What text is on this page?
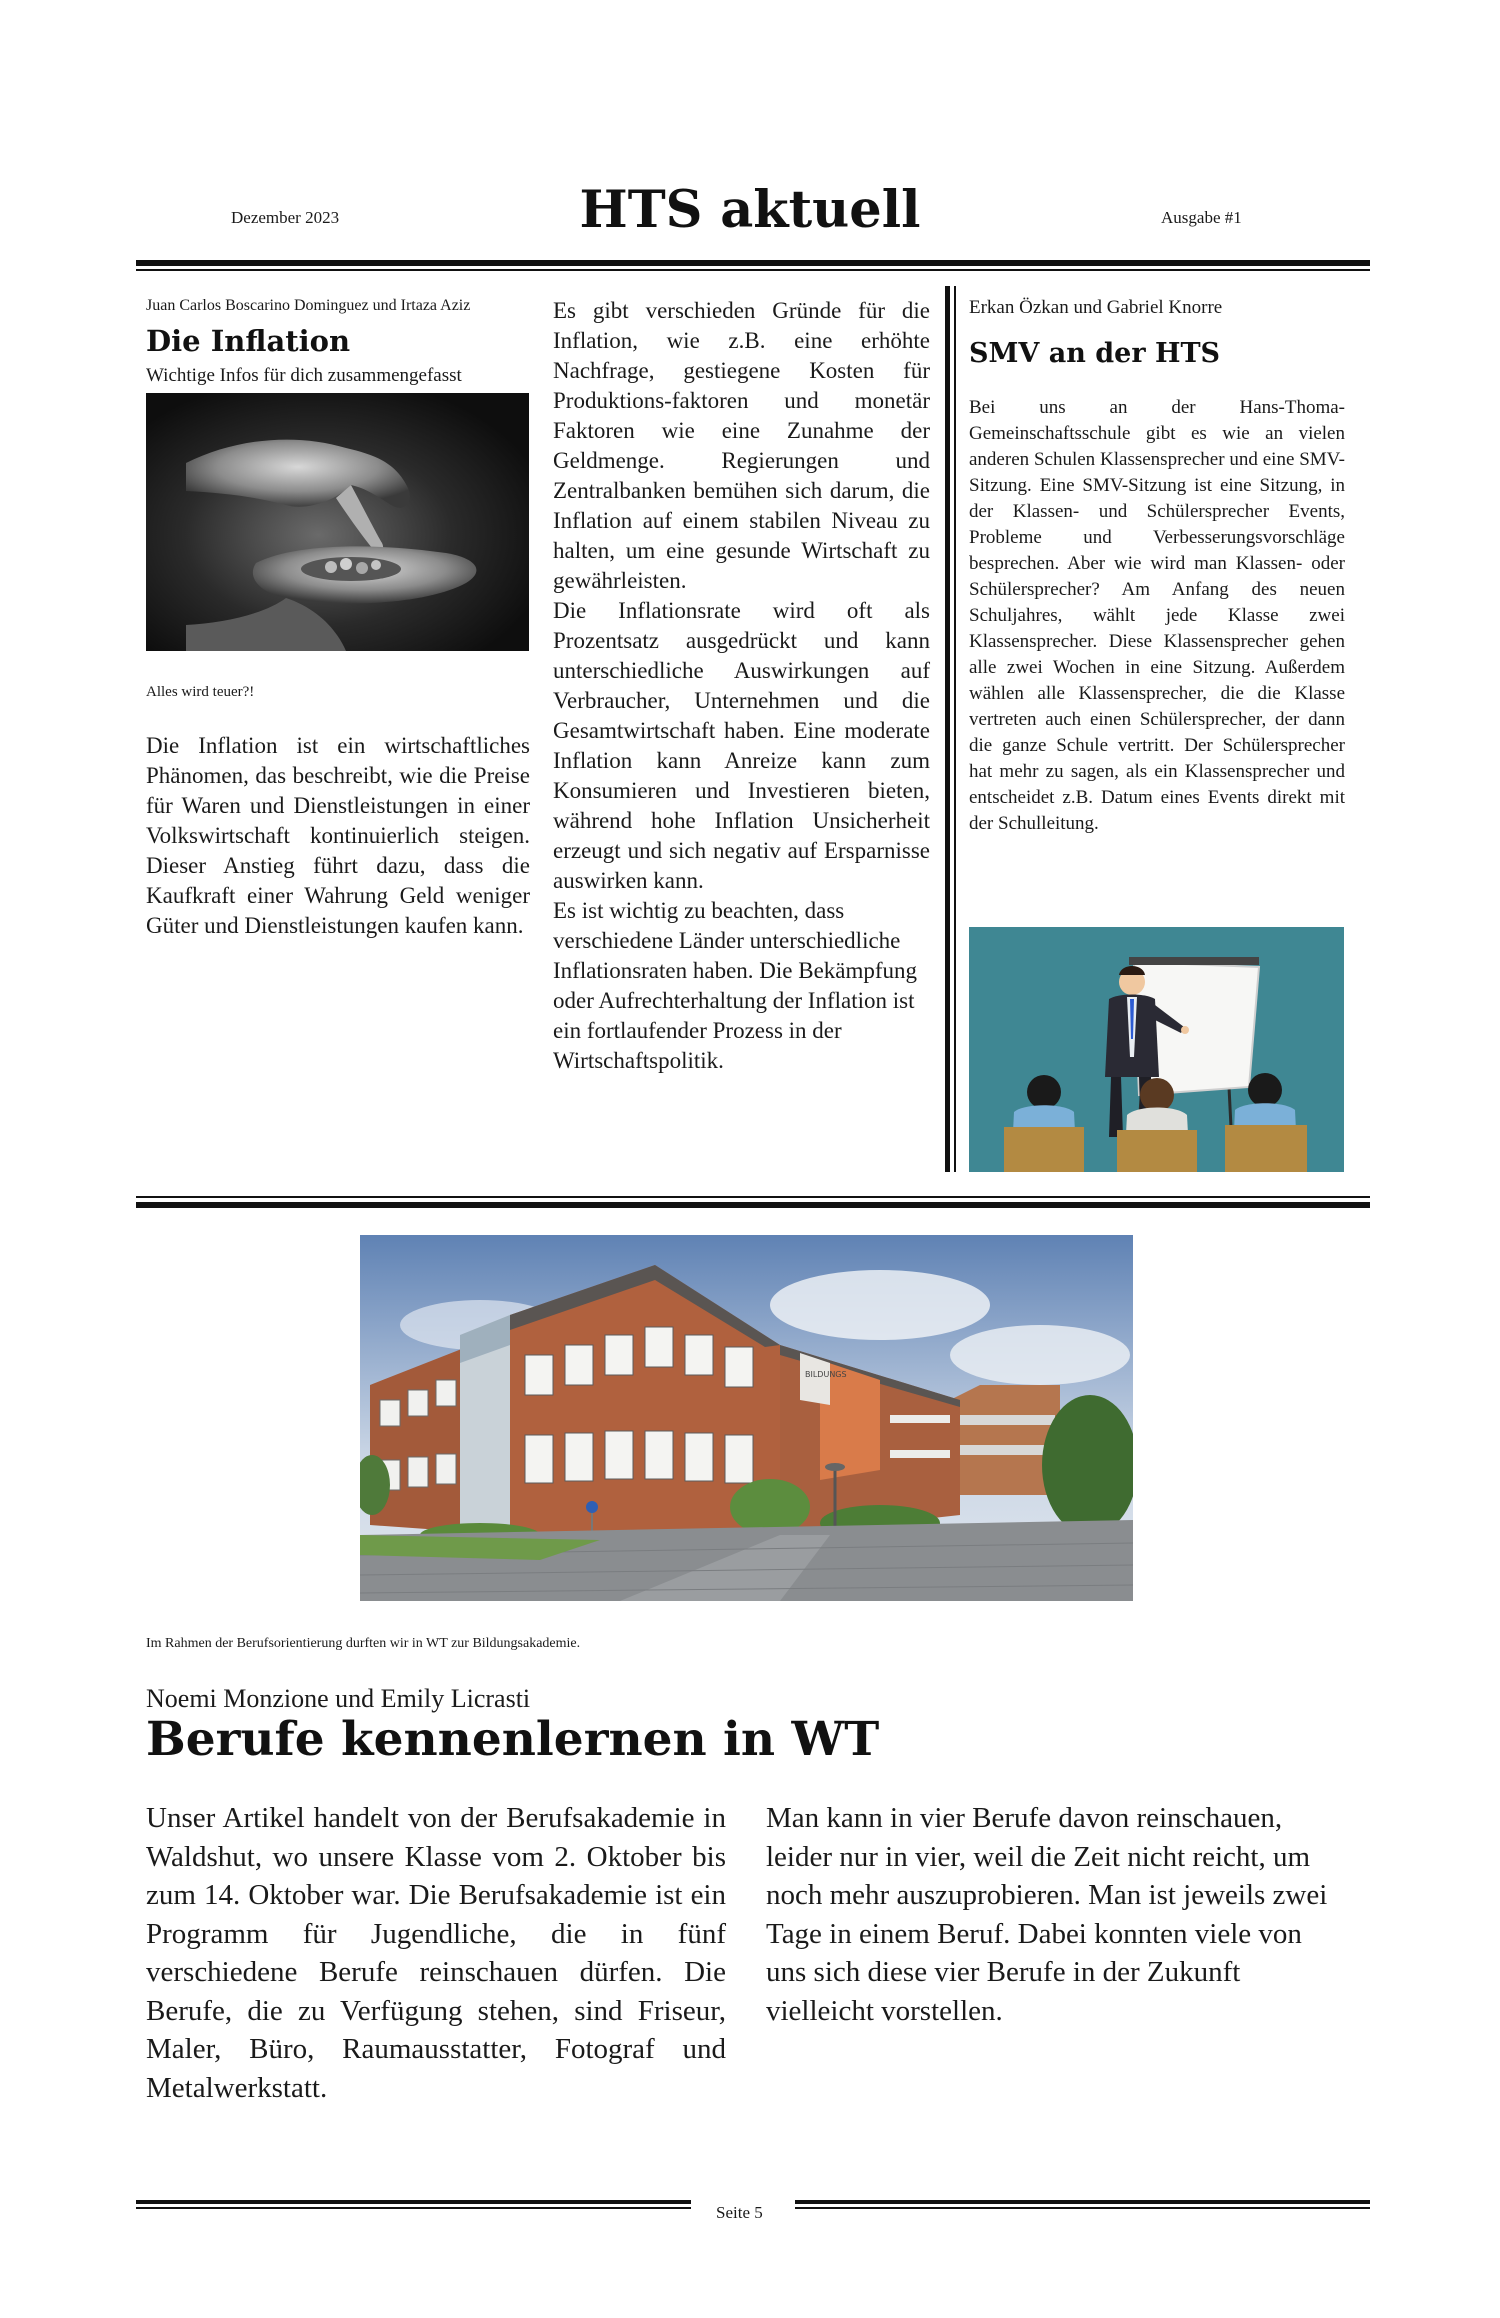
Dezember 2023	HTS aktuell	Ausgabe #1
Juan Carlos Boscarino Dominguez und Irtaza Aziz
Die Inflation
Wichtige Infos für dich zusammengefasst
Alles wird teuer?!
Die Inflation ist ein wirtschaftliches Phänomen, das beschreibt, wie die Preise für Waren und Dienstleistungen in einer Volkswirtschaft kontinuierlich steigen. Dieser Anstieg führt dazu, dass die Kaufkraft einer Wahrung Geld weniger Güter und Dienstleistungen kaufen kann.

Es gibt verschieden Gründe für die Inflation, wie z.B. eine erhöhte Nachfrage, gestiegene Kosten für Produktions-faktoren und monetär Faktoren wie eine Zunahme der Geldmenge. Regierungen und Zentralbanken bemühen sich darum, die Inflation auf einem stabilen Niveau zu halten, um eine gesunde Wirtschaft zu gewährleisten.

Die Inflationsrate wird oft als Prozentsatz ausgedrückt und kann unterschiedliche Auswirkungen auf Verbraucher, Unternehmen und die Gesamtwirtschaft haben. Eine moderate Inflation kann Anreize kann zum Konsumieren und Investieren bieten, während hohe Inflation Unsicherheit erzeugt und sich negativ auf Ersparnisse auswirken kann.

Es ist wichtig zu beachten, dass verschiedene Länder unterschiedliche Inflationsraten haben. Die Bekämpfung oder Aufrechterhaltung der Inflation ist ein fortlaufender Prozess in der Wirtschaftspolitik.

Erkan Özkan und Gabriel Knorre
SMV an der HTS
Bei uns an der Hans-Thoma-Gemeinschaftsschule gibt es wie an vielen anderen Schulen Klassensprecher und eine SMV-Sitzung. Eine SMV-Sitzung ist eine Sitzung, in der Klassen- und Schülersprecher Events, Probleme und Verbesserungsvorschläge besprechen. Aber wie wird man Klassen- oder Schülersprecher? Am Anfang des neuen Schuljahres, wählt jede Klasse zwei Klassensprecher. Diese Klassensprecher gehen alle zwei Wochen in eine Sitzung. Außerdem wählen alle Klassensprecher, die die Klasse vertreten auch einen Schülersprecher, der dann die ganze Schule vertritt. Der Schülersprecher hat mehr zu sagen, als ein Klassensprecher und entscheidet z.B. Datum eines Events direkt mit der Schulleitung.
BILDUNGS
Im Rahmen der Berufsorientierung durften wir in WT zur Bildungsakademie.
Noemi Monzione und Emily Licrasti
Berufe kennenlernen in WT
Unser Artikel handelt von der Berufsakademie in Waldshut, wo unsere Klasse vom 2. Oktober bis zum 14. Oktober war. Die Berufsakademie ist ein Programm für Jugendliche, die in fünf verschiedene Berufe reinschauen dürfen. Die Berufe, die zu Verfügung stehen, sind Friseur, Maler, Büro, Raumausstatter, Fotograf und Metalwerkstatt.
Man kann in vier Berufe davon reinschauen, leider nur in vier, weil die Zeit nicht reicht, um noch mehr auszuprobieren. Man ist jeweils zwei Tage in einem Beruf. Dabei konnten viele von uns sich diese vier Berufe in der Zukunft vielleicht vorstellen.
Seite 5
